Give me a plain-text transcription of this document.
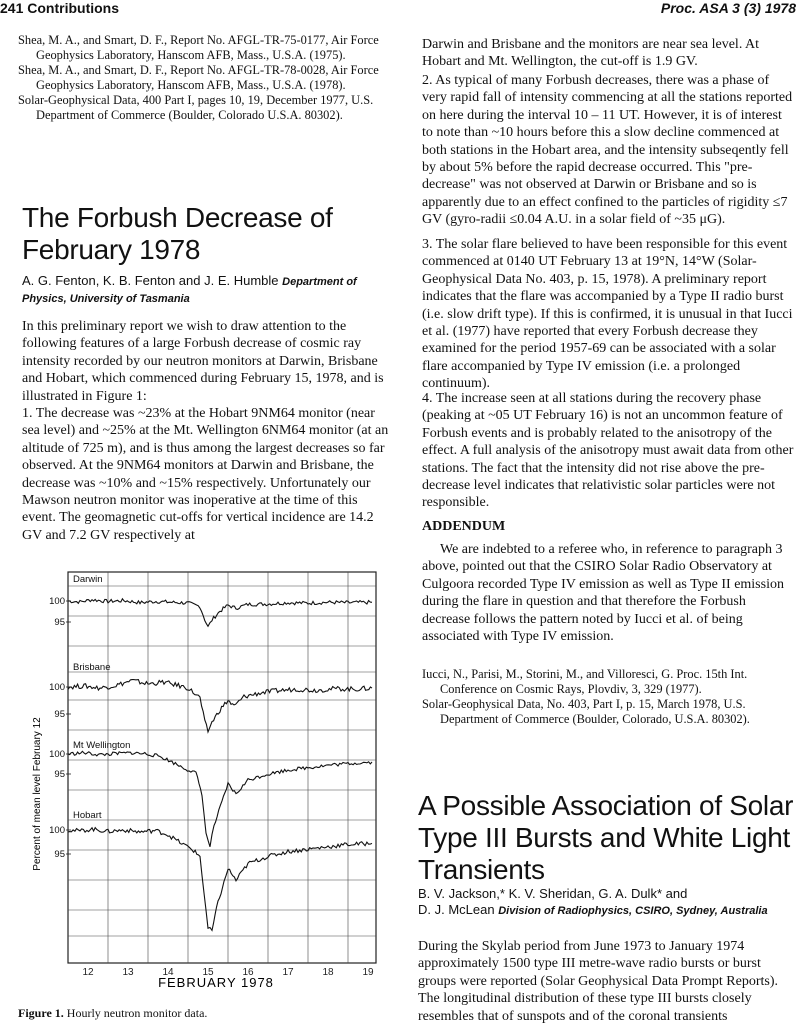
241 Contributions	Proc. ASA 3 (3) 1978

Shea, M. A., and Smart, D. F., Report No. AFGL-TR-75-0177, Air Force Geophysics Laboratory, Hanscom AFB, Mass., U.S.A. (1975).

Shea, M. A., and Smart, D. F., Report No. AFGL-TR-78-0028, Air Force Geophysics Laboratory, Hanscom AFB, Mass., U.S.A. (1978).

Solar-Geophysical Data, 400 Part I, pages 10, 19, December 1977, U.S. Department of Commerce (Boulder, Colorado U.S.A. 80302).

The Forbush Decrease of February 1978

A. G. Fenton, K. B. Fenton and J. E. Humble Department of Physics, University of Tasmania

In this preliminary report we wish to draw attention to the following features of a large Forbush decrease of cosmic ray intensity recorded by our neutron monitors at Darwin, Brisbane and Hobart, which commenced during February 15, 1978, and is illustrated in Figure 1:

1. The decrease was ~23% at the Hobart 9NM64 monitor (near sea level) and ~25% at the Mt. Wellington 6NM64 monitor (at an altitude of 725 m), and is thus among the largest decreases so far observed. At the 9NM64 monitors at Darwin and Brisbane, the decrease was ~10% and ~15% respectively. Unfortunately our Mawson neutron monitor was inoperative at the time of this event. The geomagnetic cut-offs for vertical incidence are 14.2 GV and 7.2 GV respectively at

12	13	14	15	16	17	18	19
Darwin
100
95
Brisbane
100
95
Mt Wellington
100
95
Hobart
100
95
Percent of mean level February 12
FEBRUARY 1978
Figure 1. Hourly neutron monitor data.

Darwin and Brisbane and the monitors are near sea level. At Hobart and Mt. Wellington, the cut-off is 1.9 GV.

2. As typical of many Forbush decreases, there was a phase of very rapid fall of intensity commencing at all the stations reported on here during the interval 10 – 11 UT. However, it is of interest to note than ~10 hours before this a slow decline commenced at both stations in the Hobart area, and the intensity subseqently fell by about 5% before the rapid decrease occurred. This "pre-decrease" was not observed at Darwin or Brisbane and so is apparently due to an effect confined to the particles of rigidity ≤7 GV (gyro-radii ≤0.04 A.U. in a solar field of ~35 μG).

3. The solar flare believed to have been responsible for this event commenced at 0140 UT February 13 at 19°N, 14°W (Solar-Geophysical Data No. 403, p. 15, 1978). A preliminary report indicates that the flare was accompanied by a Type II radio burst (i.e. slow drift type). If this is confirmed, it is unusual in that Iucci et al. (1977) have reported that every Forbush decrease they examined for the period 1957-69 can be associated with a solar flare accompanied by Type IV emission (i.e. a prolonged continuum).

4. The increase seen at all stations during the recovery phase (peaking at ~05 UT February 16) is not an uncommon feature of Forbush events and is probably related to the anisotropy of the effect. A full analysis of the anisotropy must await data from other stations. The fact that the intensity did not rise above the pre-decrease level indicates that relativistic solar particles were not responsible.

ADDENDUM

We are indebted to a referee who, in reference to paragraph 3 above, pointed out that the CSIRO Solar Radio Observatory at Culgoora recorded Type IV emission as well as Type II emission during the flare in question and that therefore the Forbush decrease follows the pattern noted by Iucci et al. of being associated with Type IV emission.

Iucci, N., Parisi, M., Storini, M., and Villoresci, G. Proc. 15th Int. Conference on Cosmic Rays, Plovdiv, 3, 329 (1977).

Solar-Geophysical Data, No. 403, Part I, p. 15, March 1978, U.S. Department of Commerce (Boulder, Colorado, U.S.A. 80302).

A Possible Association of Solar Type III Bursts and White Light Transients
B. V. Jackson,* K. V. Sheridan, G. A. Dulk* and
D. J. McLean Division of Radiophysics, CSIRO, Sydney, Australia

During the Skylab period from June 1973 to January 1974 approximately 1500 type III metre-wave radio bursts or burst groups were reported (Solar Geophysical Data Prompt Reports). The longitudinal distribution of these type III bursts closely resembles that of sunspots and of the coronal transients
